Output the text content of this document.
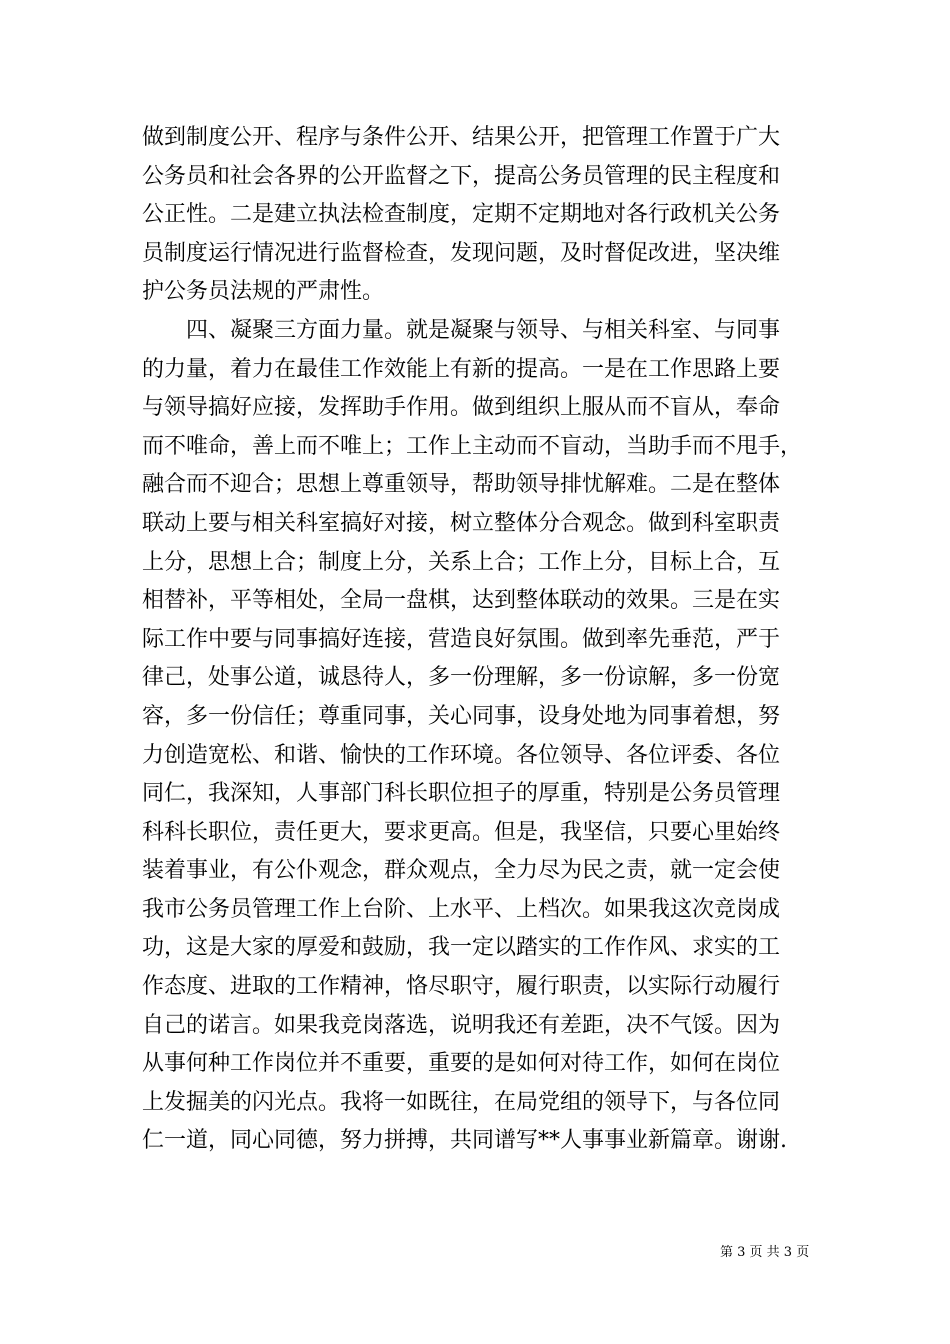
做到制度公开、程序与条件公开、结果公开，把管理工作置于广大
公务员和社会各界的公开监督之下，提高公务员管理的民主程度和
公正性。二是建立执法检查制度，定期不定期地对各行政机关公务
员制度运行情况进行监督检查，发现问题，及时督促改进，坚决维
护公务员法规的严肃性。
　　四、凝聚三方面力量。就是凝聚与领导、与相关科室、与同事
的力量，着力在最佳工作效能上有新的提高。一是在工作思路上要
与领导搞好应接，发挥助手作用。做到组织上服从而不盲从，奉命
而不唯命，善上而不唯上；工作上主动而不盲动，当助手而不甩手，
融合而不迎合；思想上尊重领导，帮助领导排忧解难。二是在整体
联动上要与相关科室搞好对接，树立整体分合观念。做到科室职责
上分，思想上合；制度上分，关系上合；工作上分，目标上合，互
相替补，平等相处，全局一盘棋，达到整体联动的效果。三是在实
际工作中要与同事搞好连接，营造良好氛围。做到率先垂范，严于
律己，处事公道，诚恳待人，多一份理解，多一份谅解，多一份宽
容，多一份信任；尊重同事，关心同事，设身处地为同事着想，努
力创造宽松、和谐、愉快的工作环境。各位领导、各位评委、各位
同仁，我深知，人事部门科长职位担子的厚重，特别是公务员管理
科科长职位，责任更大，要求更高。但是，我坚信，只要心里始终
装着事业，有公仆观念，群众观点，全力尽为民之责，就一定会使
我市公务员管理工作上台阶、上水平、上档次。如果我这次竞岗成
功，这是大家的厚爱和鼓励，我一定以踏实的工作作风、求实的工
作态度、进取的工作精神，恪尽职守，履行职责，以实际行动履行
自己的诺言。如果我竞岗落选，说明我还有差距，决不气馁。因为
从事何种工作岗位并不重要，重要的是如何对待工作，如何在岗位
上发掘美的闪光点。我将一如既往，在局党组的领导下，与各位同
仁一道，同心同德，努力拼搏，共同谱写**人事事业新篇章。谢谢.
第 3 页 共 3 页
